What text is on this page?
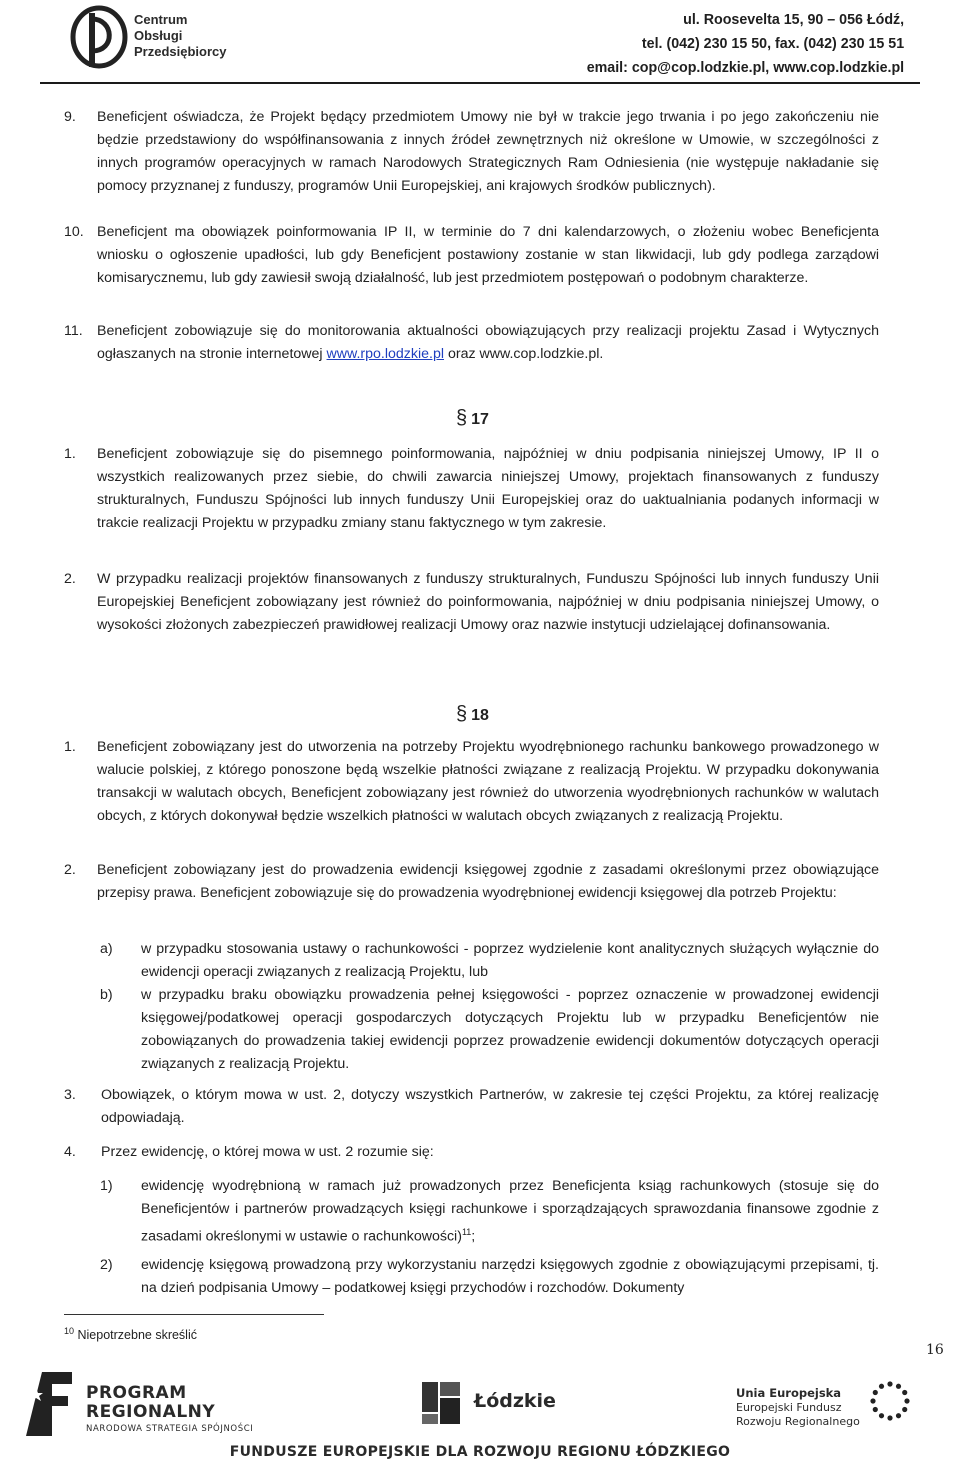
Centrum
Obsługi
Przedsiębiorcy
ul. Roosevelta 15, 90 – 056 Łódź,
tel. (042) 230 15 50, fax. (042) 230 15 51
email: cop@cop.lodzkie.pl, www.cop.lodzkie.pl
9. Beneficjent oświadcza, że Projekt będący przedmiotem Umowy nie był w trakcie jego trwania i po jego zakończeniu nie będzie przedstawiony do współfinansowania z innych źródeł zewnętrznych niż określone w Umowie, w szczególności z innych programów operacyjnych w ramach Narodowych Strategicznych Ram Odniesienia (nie występuje nakładanie się pomocy przyznanej z funduszy, programów Unii Europejskiej, ani krajowych środków publicznych).
10. Beneficjent ma obowiązek poinformowania IP II, w terminie do 7 dni kalendarzowych, o złożeniu wobec Beneficjenta wniosku o ogłoszenie upadłości, lub gdy Beneficjent postawiony zostanie w stan likwidacji, lub gdy podlega zarządowi komisarycznemu, lub gdy zawiesił swoją działalność, lub jest przedmiotem postępowań o podobnym charakterze.
11. Beneficjent zobowiązuje się do monitorowania aktualności obowiązujących przy realizacji projektu Zasad i Wytycznych ogłaszanych na stronie internetowej www.rpo.lodzkie.pl oraz www.cop.lodzkie.pl.
§ 17
1. Beneficjent zobowiązuje się do pisemnego poinformowania, najpóźniej w dniu podpisania niniejszej Umowy, IP II o wszystkich realizowanych przez siebie, do chwili zawarcia niniejszej Umowy, projektach finansowanych z funduszy strukturalnych, Funduszu Spójności lub innych funduszy Unii Europejskiej oraz do uaktualniania podanych informacji w trakcie realizacji Projektu w przypadku zmiany stanu faktycznego w tym zakresie.
2. W przypadku realizacji projektów finansowanych z funduszy strukturalnych, Funduszu Spójności lub innych funduszy Unii Europejskiej Beneficjent zobowiązany jest również do poinformowania, najpóźniej w dniu podpisania niniejszej Umowy, o wysokości złożonych zabezpieczeń prawidłowej realizacji Umowy oraz nazwie instytucji udzielającej dofinansowania.
§ 18
1. Beneficjent zobowiązany jest do utworzenia na potrzeby Projektu wyodrębnionego rachunku bankowego prowadzonego w walucie polskiej, z którego ponoszone będą wszelkie płatności związane z realizacją Projektu. W przypadku dokonywania transakcji w walutach obcych, Beneficjent zobowiązany jest również do utworzenia wyodrębnionych rachunków w walutach obcych, z których dokonywał będzie wszelkich płatności w walutach obcych związanych z realizacją Projektu.
2. Beneficjent zobowiązany jest do prowadzenia ewidencji księgowej zgodnie z zasadami określonymi przez obowiązujące przepisy prawa. Beneficjent zobowiązuje się do prowadzenia wyodrębnionej ewidencji księgowej dla potrzeb Projektu:
a) w przypadku stosowania ustawy o rachunkowości - poprzez wydzielenie kont analitycznych służących wyłącznie do ewidencji operacji związanych z realizacją Projektu, lub
b) w przypadku braku obowiązku prowadzenia pełnej księgowości - poprzez oznaczenie w prowadzonej ewidencji księgowej/podatkowej operacji gospodarczych dotyczących Projektu lub w przypadku Beneficjentów nie zobowiązanych do prowadzenia takiej ewidencji poprzez prowadzenie ewidencji dokumentów dotyczących operacji związanych z realizacją Projektu.
3. Obowiązek, o którym mowa w ust. 2, dotyczy wszystkich Partnerów, w zakresie tej części Projektu, za której realizację odpowiadają.
4. Przez ewidencję, o której mowa w ust. 2 rozumie się:
1) ewidencję wyodrębnioną w ramach już prowadzonych przez Beneficjenta ksiąg rachunkowych (stosuje się do Beneficjentów i partnerów prowadzących księgi rachunkowe i sporządzających sprawozdania finansowe zgodnie z zasadami określonymi w ustawie o rachunkowości)$^{11}$;
2) ewidencję księgową prowadzoną przy wykorzystaniu narzędzi księgowych zgodnie z obowiązującymi przepisami, tj. na dzień podpisania Umowy – podatkowej księgi przychodów i rozchodów. Dokumenty
$^{10}$ Niepotrzebne skreślić
16
PROGRAM
REGIONALNY
NARODOWA STRATEGIA SPÓJNOŚCI
Łódzkie	Unia Europejska
Europejski Fundusz
Rozwoju Regionalnego
FUNDUSZE EUROPEJSKIE DLA ROZWOJU REGIONU ŁÓDZKIEGO
